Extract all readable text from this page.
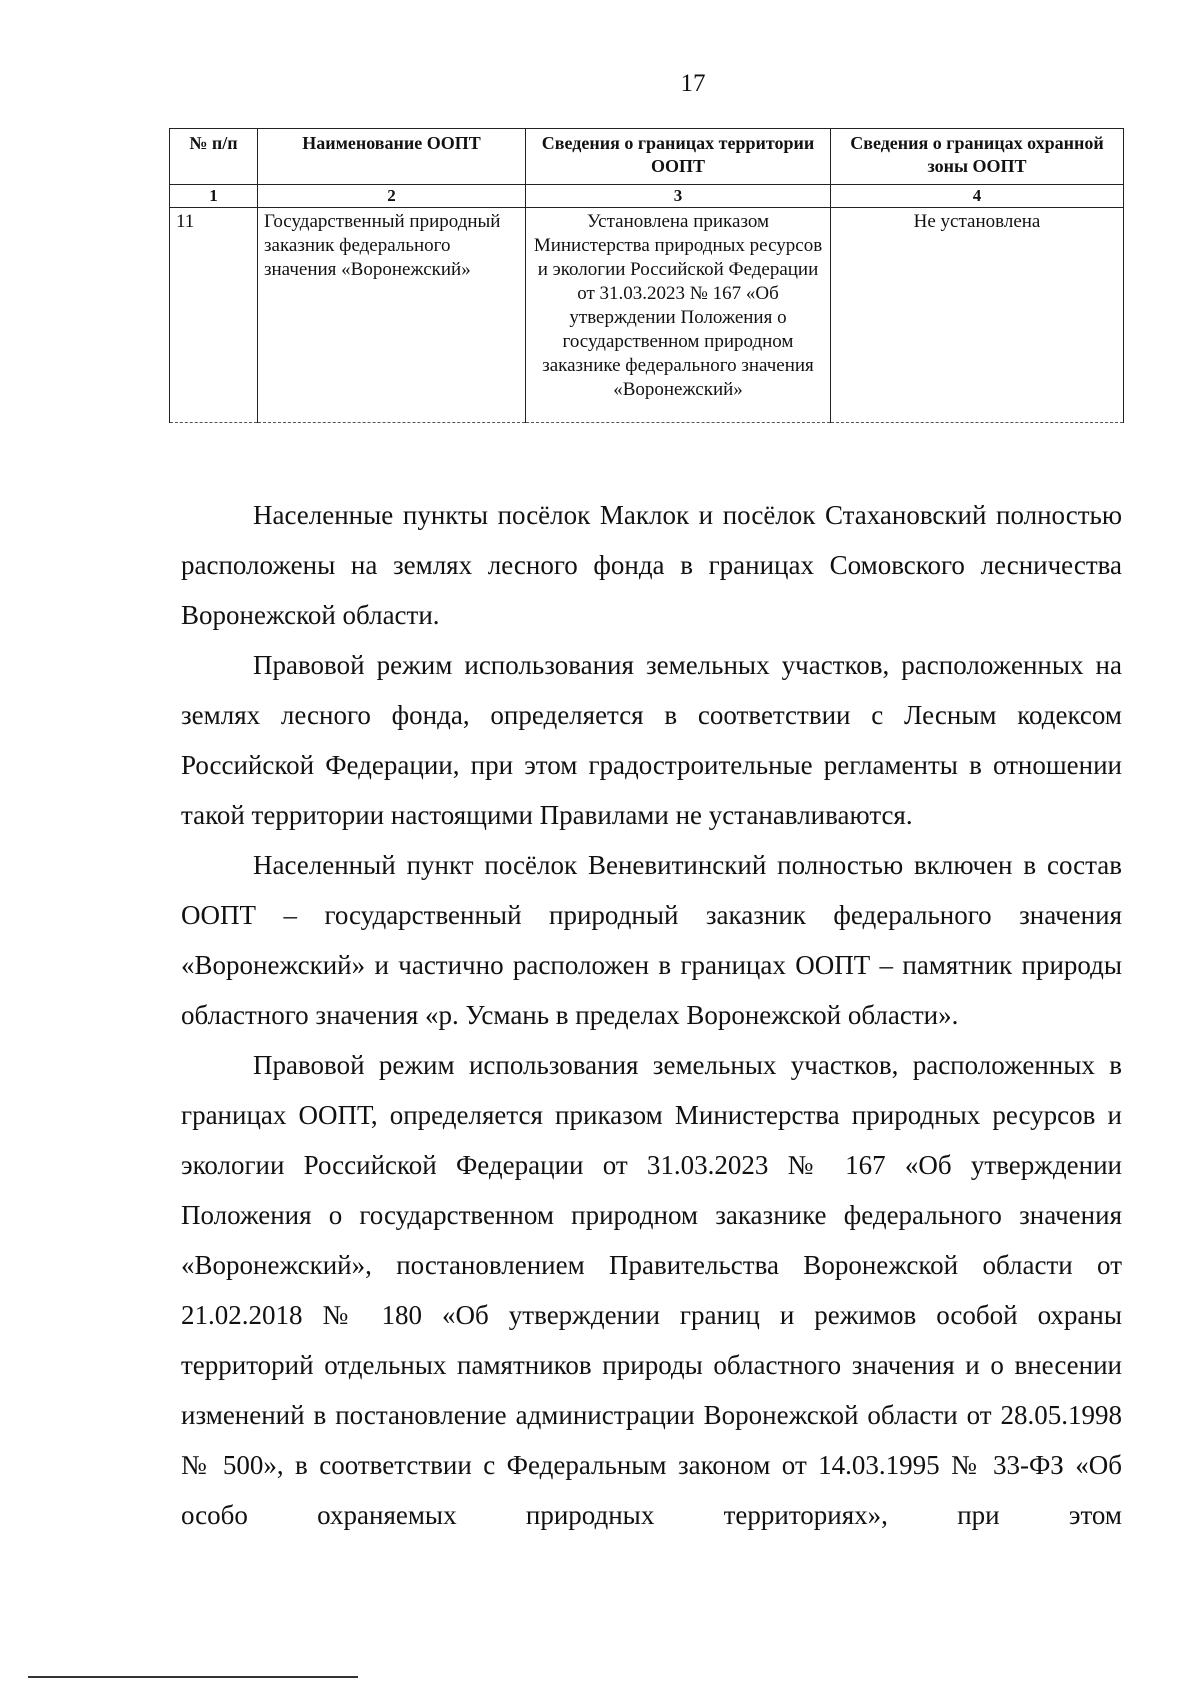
17
№ п/п	Наименование ООПТ	Сведения о границах территории ООПТ	Сведения о границах охранной зоны ООПТ
1	2	3	4
11	Государственный природный заказник федерального значения «Воронежский»	Установлена приказом Министерства природных ресурсов и экологии Российской Федерации от 31.03.2023 № 167 «Об утверждении Положения о государственном природном заказнике федерального значения «Воронежский»	Не установлена

Населенные пункты посёлок Маклок и посёлок Стахановский полностью расположены на землях лесного фонда в границах Сомовского лесничества Воронежской области.

Правовой режим использования земельных участков, расположенных на землях лесного фонда, определяется в соответствии с Лесным кодексом Российской Федерации, при этом градостроительные регламенты в отношении такой территории настоящими Правилами не устанавливаются.

Населенный пункт посёлок Веневитинский полностью включен в состав ООПТ – государственный природный заказник федерального значения «Воронежский» и частично расположен в границах ООПТ – памятник природы областного значения «р. Усмань в пределах Воронежской области».

Правовой режим использования земельных участков, расположенных в границах ООПТ, определяется приказом Министерства природных ресурсов и экологии Российской Федерации от 31.03.2023 № 167 «Об утверждении Положения о государственном природном заказнике федерального значения «Воронежский», постановлением Правительства Воронежской области от 21.02.2018 № 180 «Об утверждении границ и режимов особой охраны территорий отдельных памятников природы областного значения и о внесении изменений в постановление администрации Воронежской области от 28.05.1998 № 500», в соответствии с Федеральным законом от 14.03.1995 № 33-ФЗ «Об особо охраняемых природных территориях», при этом
